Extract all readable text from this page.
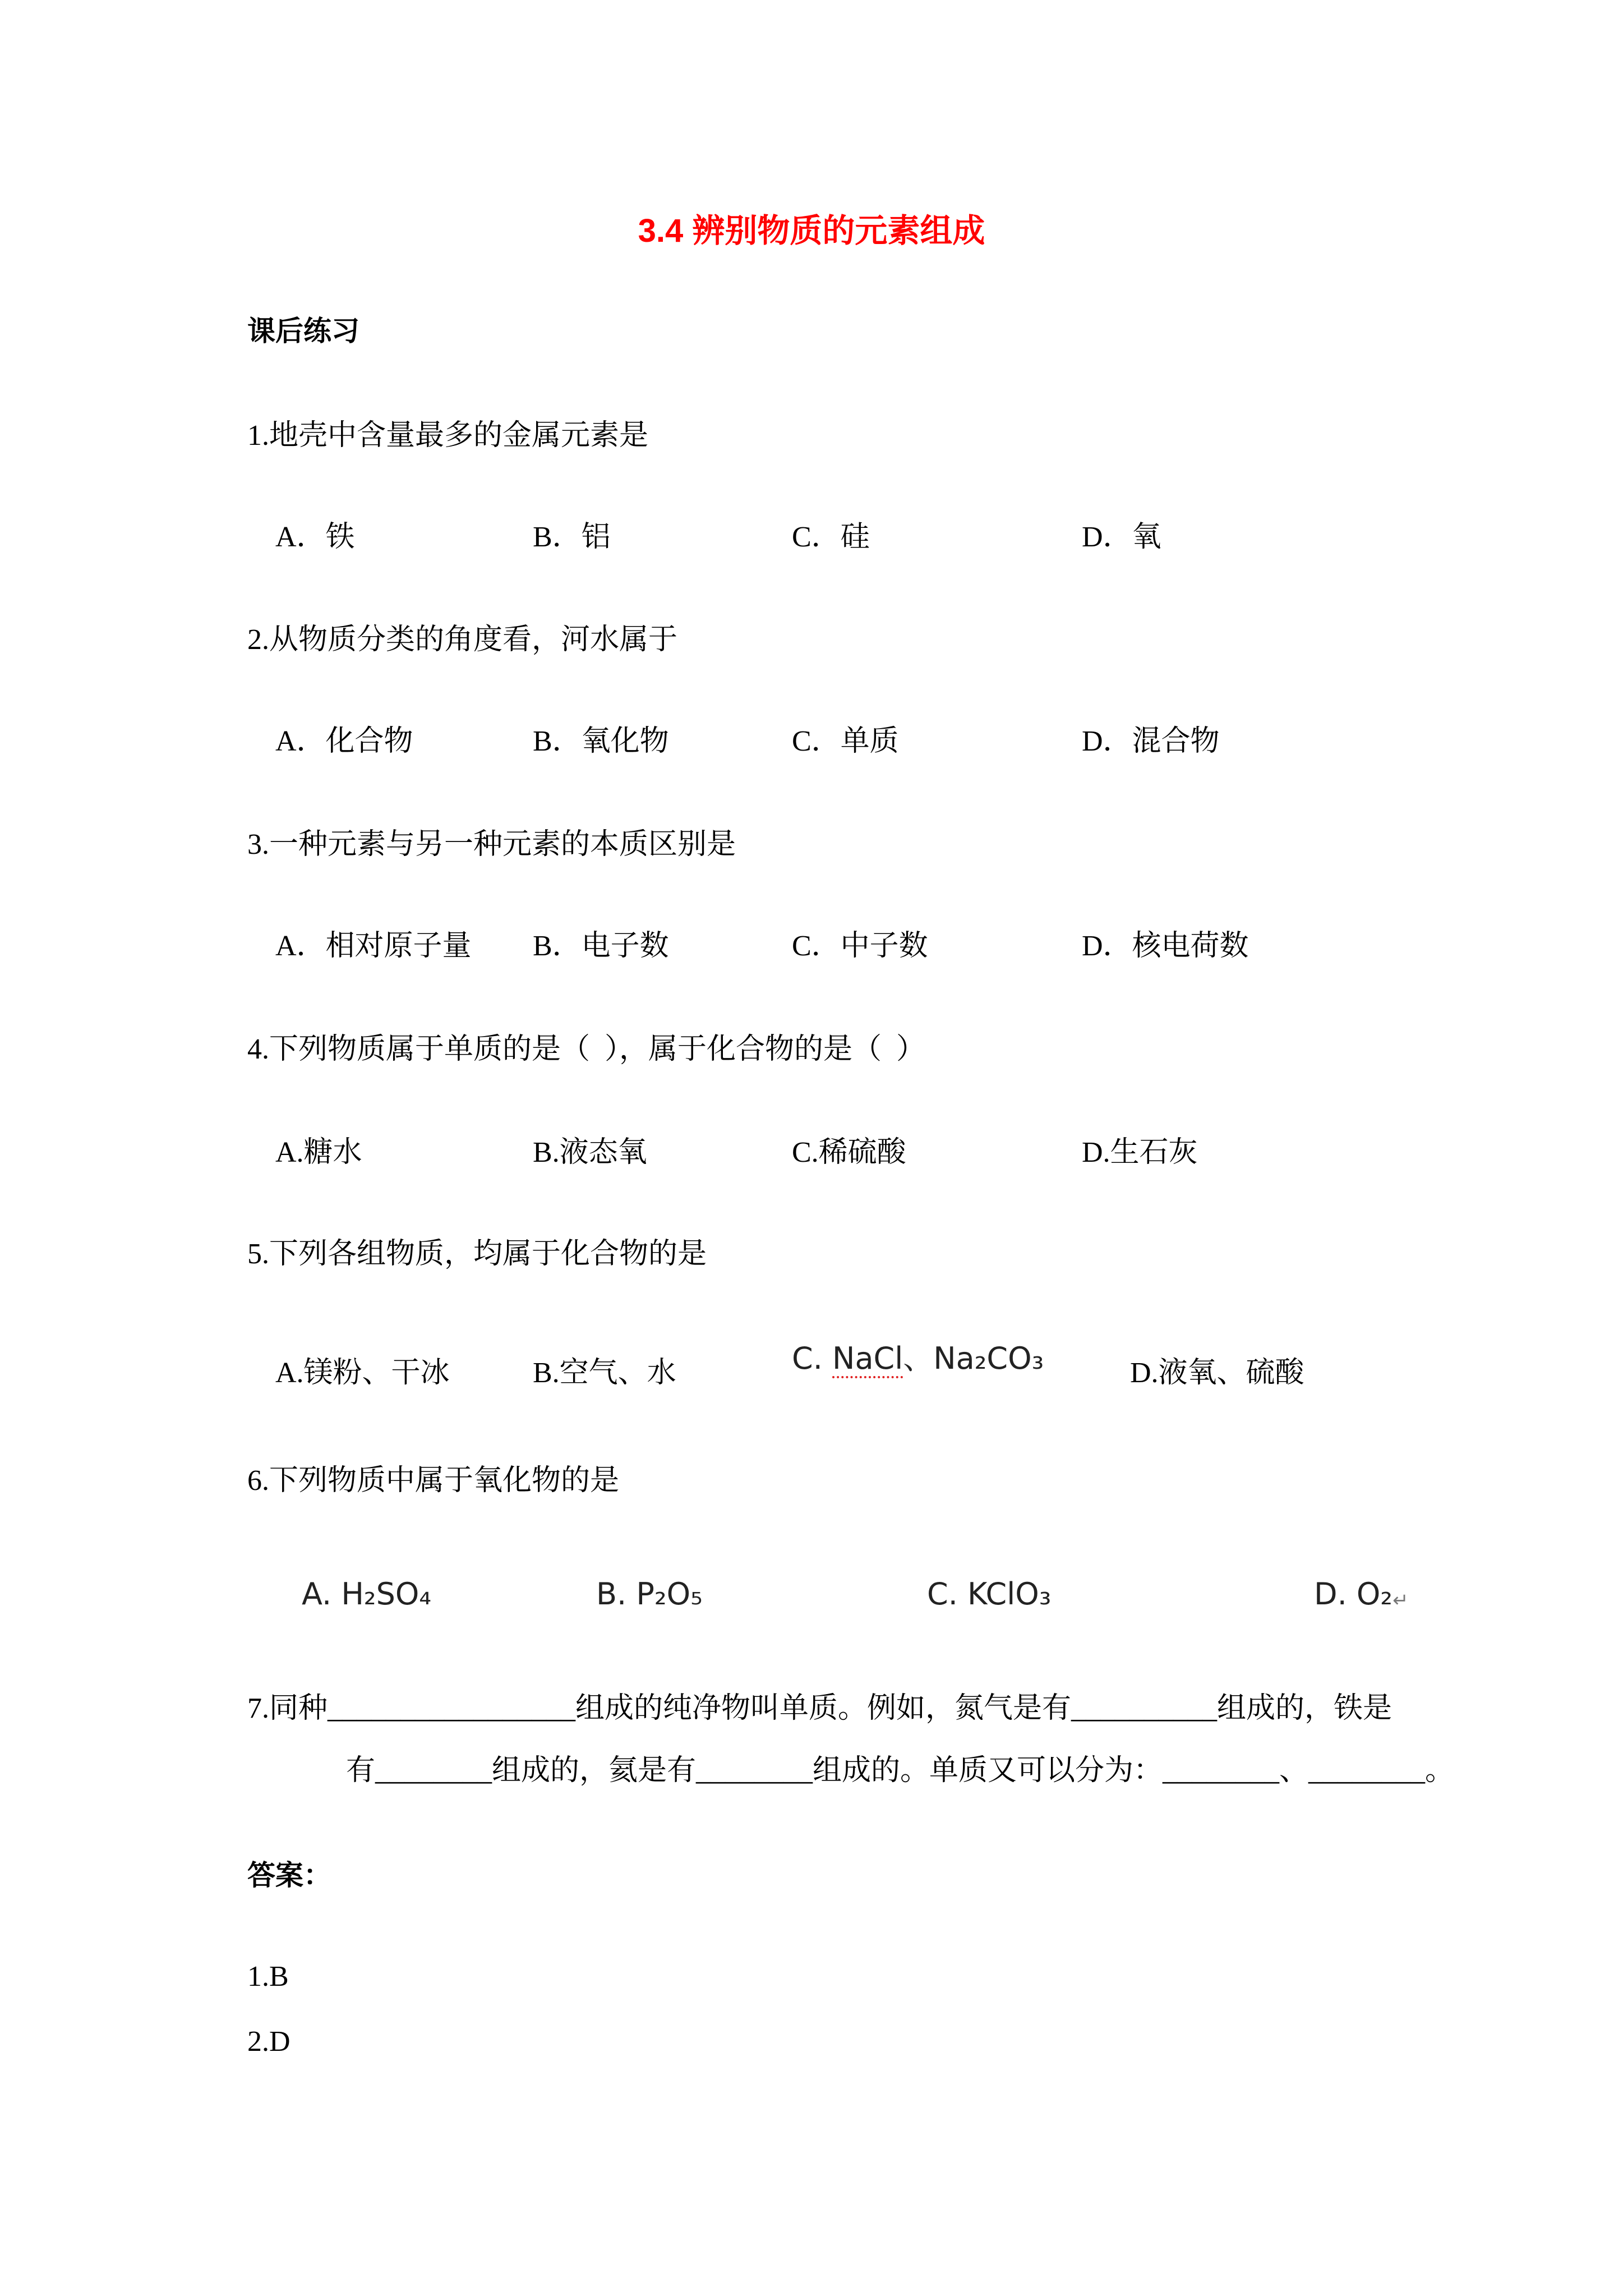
3.4 辨别物质的元素组成
课后练习
1.地壳中含量最多的金属元素是
A．铁	B．铝	C．硅	D．氧
2.从物质分类的角度看，河水属于
A．化合物	B．氧化物	C．单质	D．混合物
3.一种元素与另一种元素的本质区别是
A．相对原子量 B．电子数	C．中子数	D．核电荷数
4.下列物质属于单质的是（  ），属于化合物的是（  ）
A.糖水	B.液态氧	C.稀硫酸	D.生石灰
5.下列各组物质，均属于化合物的是
A.镁粉、干冰	B.空气、水	C. NaCl、Na₂CO₃	D.液氧、硫酸
6.下列物质中属于氧化物的是
A. H₂SO₄	B. P₂O₅	C. KClO₃	D. O₂↵
7.同种_________________组成的纯净物叫单质。例如，氮气是有__________组成的，铁是
有________组成的，氦是有________组成的。单质又可以分为：________、________。
答案：
1.B
2.D
